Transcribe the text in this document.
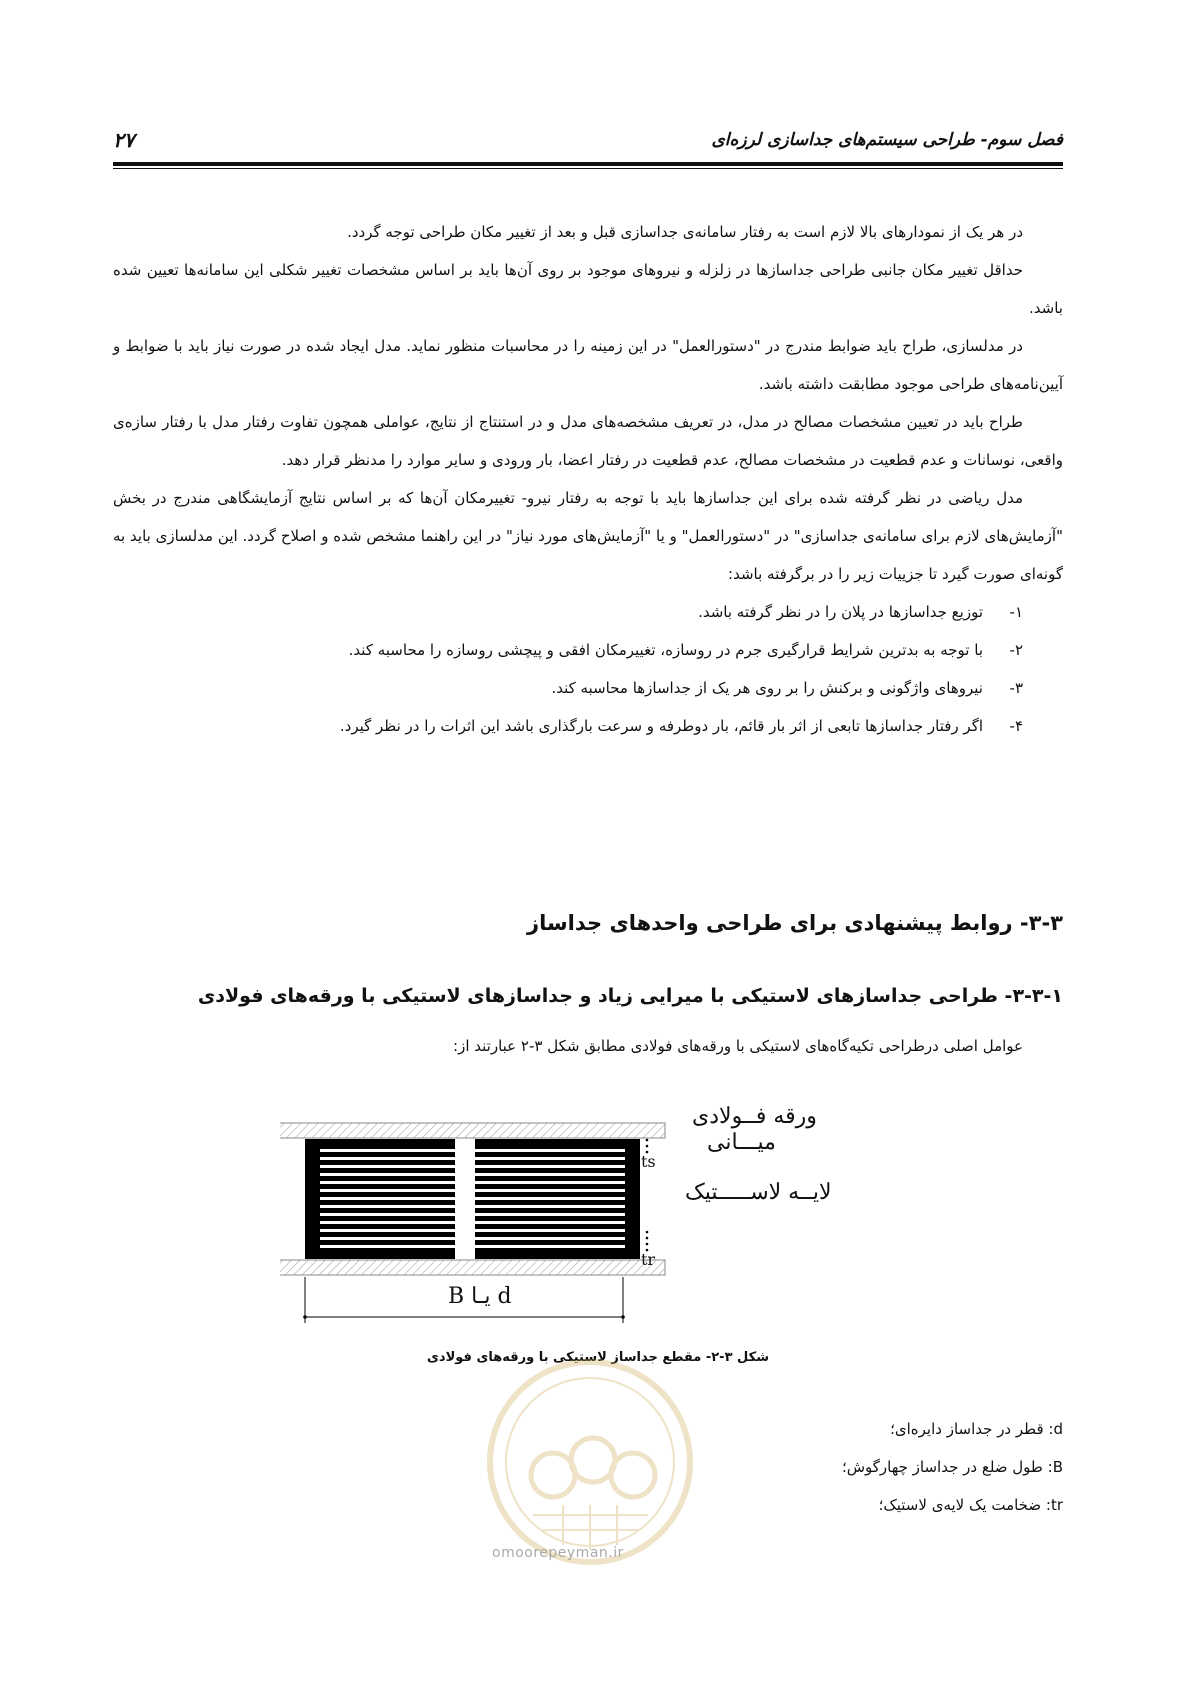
فصل سوم- طراحی سیستم‌های جداسازی لرزه‌ای
۲۷

در هر یک از نمودارهای بالا لازم است به رفتار سامانه‌ی جداسازی قبل و بعد از تغییر مکان طراحی توجه گردد.

حداقل تغییر مکان جانبی طراحی جداسازها در زلزله و نیروهای موجود بر روی آن‌ها باید بر اساس مشخصات تغییر شکلی این سامانه‌ها تعیین شده باشد.

در مدلسازی، طراح باید ضوابط مندرج در "دستورالعمل" در این زمینه را در محاسبات منظور نماید. مدل ایجاد شده در صورت نیاز باید با ضوابط و آیین‌نامه‌های طراحی موجود مطابقت داشته باشد.

طراح باید در تعیین مشخصات مصالح در مدل، در تعریف مشخصه‌های مدل و در استنتاج از نتایج، عواملی همچون تفاوت رفتار مدل با رفتار سازه‌ی واقعی، نوسانات و عدم قطعیت در مشخصات مصالح، عدم قطعیت در رفتار اعضا، بار ورودی و سایر موارد را مدنظر قرار دهد.

مدل ریاضی در نظر گرفته شده برای این جداسازها باید با توجه به رفتار نیرو- تغییرمکان آن‌ها که بر اساس نتایج آزمایشگاهی مندرج در بخش "آزمایش‌های لازم برای سامانه‌ی جداسازی" در "دستورالعمل" و یا "آزمایش‌های مورد نیاز" در این راهنما مشخص شده و اصلاح گردد. این مدلسازی باید به گونه‌ای صورت گیرد تا جزییات زیر را در برگرفته باشد:

۱-
توزیع جداسازها در پلان را در نظر گرفته باشد.
۲-
با توجه به بدترین شرایط قرارگیری جرم در روسازه، تغییرمکان افقی و پیچشی روسازه را محاسبه کند.
۳-
نیروهای واژگونی و برکنش را بر روی هر یک از جداسازها محاسبه کند.
۴-
اگر رفتار جداسازها تابعی از اثر بار قائم، بار دوطرفه و سرعت بارگذاری باشد این اثرات را در نظر گیرد.
۳-۳- روابط پیشنهادی برای طراحی واحدهای جداساز
۳-۳-۱- طراحی جداسازهای لاستیکی با میرایی زیاد و جداسازهای لاستیکی با ورقه‌های فولادی
عوامل اصلی درطراحی تکیه‌گاه‌های لاستیکی با ورقه‌های فولادی مطابق شکل ۳-۲ عبارتند از:
ورقه فــولادی
میـــانی
لایــه لاســـــتیک
ts
tr
d یـا B
شکل ۳-۲- مقطع جداساز لاستیکی با ورقه‌های فولادی
d: قطر در جداساز دایره‌ای؛
B: طول ضلع در جداساز چهارگوش؛
tr: ضخامت یک لایه‌ی لاستیک؛
omoorepeyman.ir
